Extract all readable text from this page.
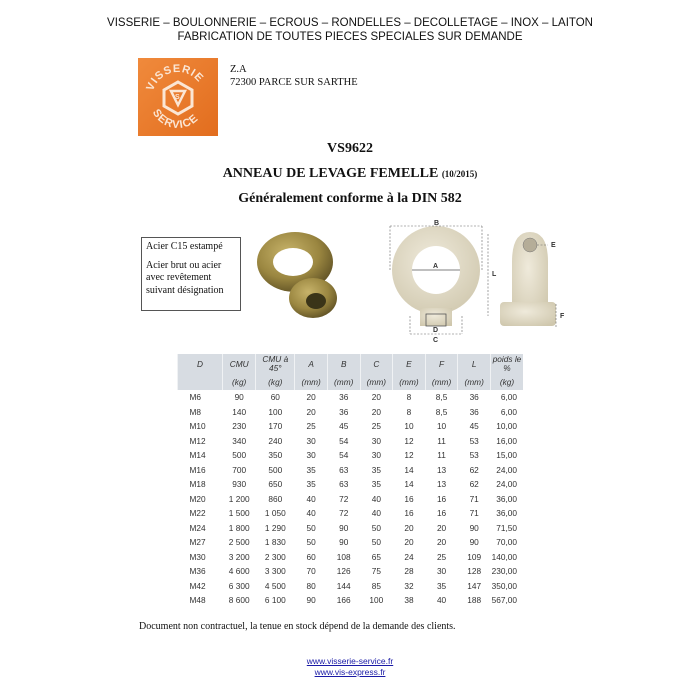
VISSERIE – BOULONNERIE – ECROUS – RONDELLES – DECOLLETAGE – INOX – LAITON
FABRICATION DE TOUTES PIECES SPECIALES SUR DEMANDE
S
VISSERIE
SERVICE
Z.A
72300 PARCE SUR SARTHE
VS9622
ANNEAU DE LEVAGE FEMELLE (10/2015)
Généralement conforme à la DIN 582

Acier C15 estampé

Acier brut ou acier avec revêtement suivant désignation

B
A
L
D
C
E
F
D	CMU	CMU à 45°	A	B	C	E	F	L	poids le %
	(kg)	(kg)	(mm)	(mm)	(mm)	(mm)	(mm)	(mm)	(kg)
M6	90	60	20	36	20	8	8,5	36	6,00
M8	140	100	20	36	20	8	8,5	36	6,00
M10	230	170	25	45	25	10	10	45	10,00
M12	340	240	30	54	30	12	11	53	16,00
M14	500	350	30	54	30	12	11	53	15,00
M16	700	500	35	63	35	14	13	62	24,00
M18	930	650	35	63	35	14	13	62	24,00
M20	1 200	860	40	72	40	16	16	71	36,00
M22	1 500	1 050	40	72	40	16	16	71	36,00
M24	1 800	1 290	50	90	50	20	20	90	71,50
M27	2 500	1 830	50	90	50	20	20	90	70,00
M30	3 200	2 300	60	108	65	24	25	109	140,00
M36	4 600	3 300	70	126	75	28	30	128	230,00
M42	6 300	4 500	80	144	85	32	35	147	350,00
M48	8 600	6 100	90	166	100	38	40	188	567,00
Document non contractuel, la tenue en stock dépend de la demande des clients.
www.visserie-service.fr
www.vis-express.fr
